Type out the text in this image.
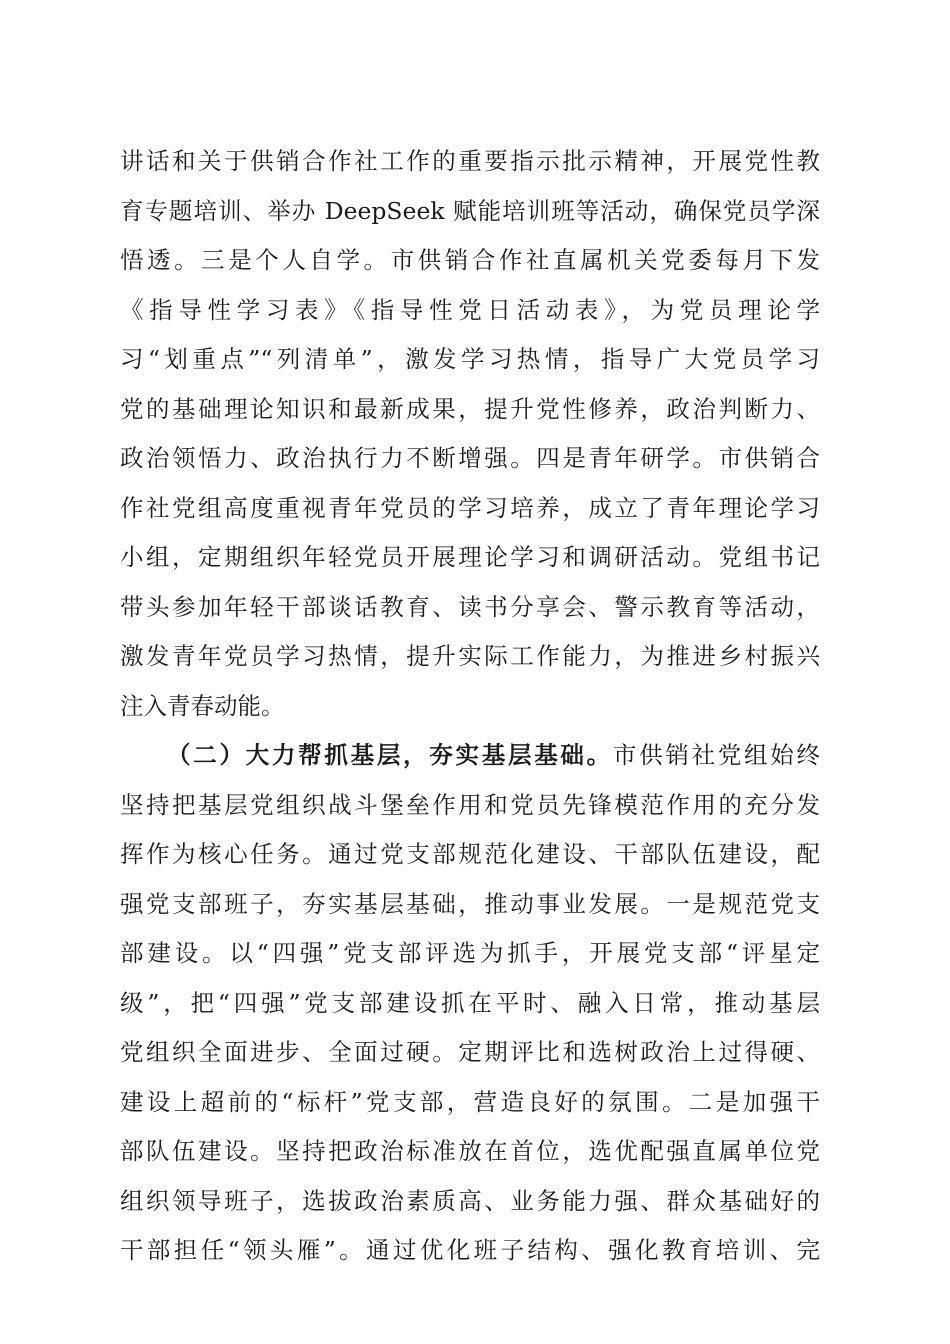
讲话和关于供销合作社工作的重要指示批示精神，开展党性教
育专题培训、举办 DeepSeek 赋能培训班等活动，确保党员学深
悟透。三是个人自学。市供销合作社直属机关党委每月下发
《指导性学习表》《指导性党日活动表》，为党员理论学
习“划重点”“列清单”，激发学习热情，指导广大党员学习
党的基础理论知识和最新成果，提升党性修养，政治判断力、
政治领悟力、政治执行力不断增强。四是青年研学。市供销合
作社党组高度重视青年党员的学习培养，成立了青年理论学习
小组，定期组织年轻党员开展理论学习和调研活动。党组书记
带头参加年轻干部谈话教育、读书分享会、警示教育等活动，
激发青年党员学习热情，提升实际工作能力，为推进乡村振兴
注入青春动能。
（二）大力帮抓基层，夯实基层基础。市供销社党组始终
坚持把基层党组织战斗堡垒作用和党员先锋模范作用的充分发
挥作为核心任务。通过党支部规范化建设、干部队伍建设，配
强党支部班子，夯实基层基础，推动事业发展。一是规范党支
部建设。以“四强”党支部评选为抓手，开展党支部“评星定
级”，把“四强”党支部建设抓在平时、融入日常，推动基层
党组织全面进步、全面过硬。定期评比和选树政治上过得硬、
建设上超前的“标杆”党支部，营造良好的氛围。二是加强干
部队伍建设。坚持把政治标准放在首位，选优配强直属单位党
组织领导班子，选拔政治素质高、业务能力强、群众基础好的
干部担任“领头雁”。通过优化班子结构、强化教育培训、完
